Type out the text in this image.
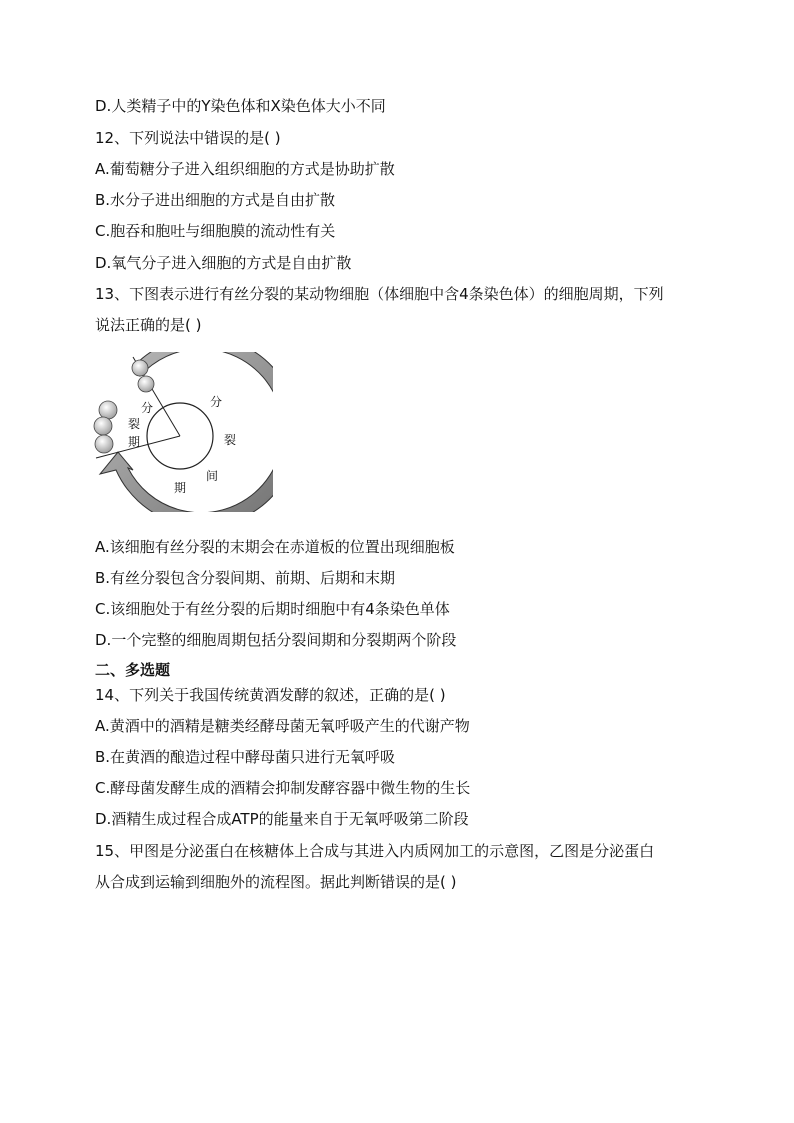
D.人类精子中的Y染色体和X染色体大小不同
12、下列说法中错误的是( )
A.葡萄糖分子进入组织细胞的方式是协助扩散
B.水分子进出细胞的方式是自由扩散
C.胞吞和胞吐与细胞膜的流动性有关
D.氧气分子进入细胞的方式是自由扩散
13、下图表示进行有丝分裂的某动物细胞（体细胞中含4条染色体）的细胞周期，下列
说法正确的是( )
分
裂
期
分
裂
间
期
A.该细胞有丝分裂的末期会在赤道板的位置出现细胞板
B.有丝分裂包含分裂间期、前期、后期和末期
C.该细胞处于有丝分裂的后期时细胞中有4条染色单体
D.一个完整的细胞周期包括分裂间期和分裂期两个阶段
二、多选题
14、下列关于我国传统黄酒发酵的叙述，正确的是( )
A.黄酒中的酒精是糖类经酵母菌无氧呼吸产生的代谢产物
B.在黄酒的酿造过程中酵母菌只进行无氧呼吸
C.酵母菌发酵生成的酒精会抑制发酵容器中微生物的生长
D.酒精生成过程合成ATP的能量来自于无氧呼吸第二阶段
15、甲图是分泌蛋白在核糖体上合成与其进入内质网加工的示意图，乙图是分泌蛋白
从合成到运输到细胞外的流程图。据此判断错误的是( )
